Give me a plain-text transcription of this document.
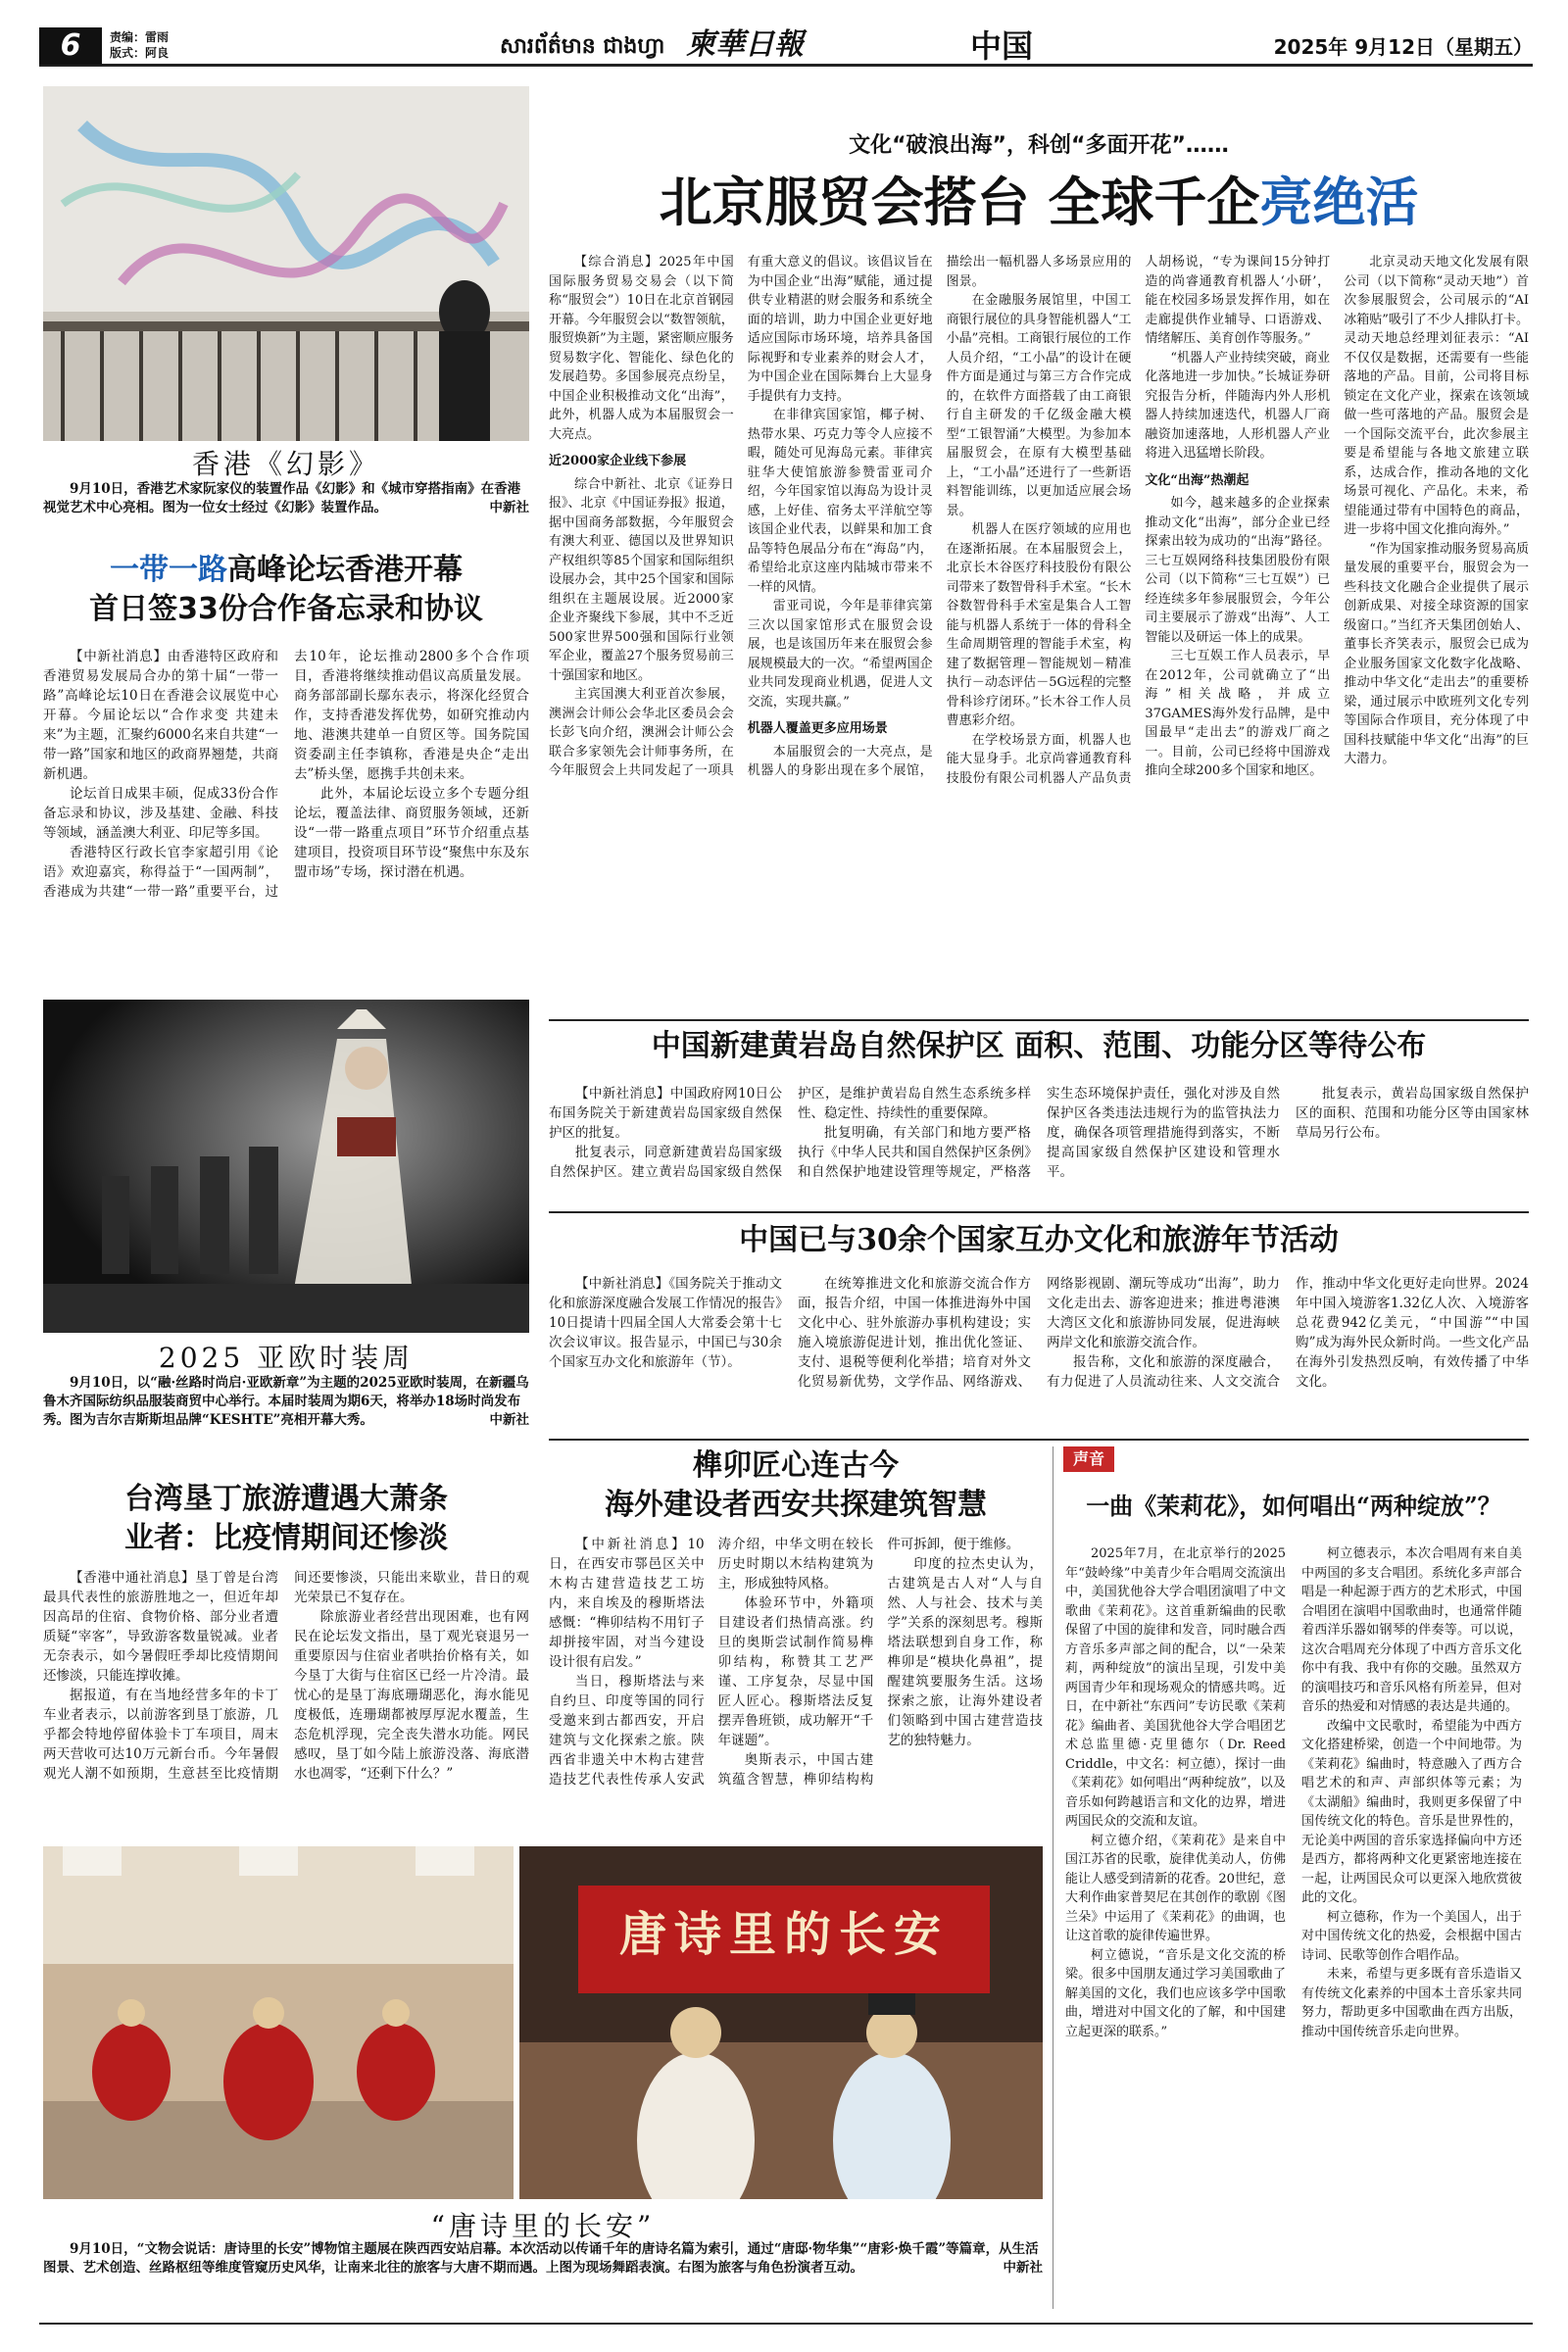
6	责编：雷雨
版式：阿良	សារព័ត៌មាន ជាងហ្វា 柬華日報	中国	2025年 9月12日（星期五）
香港《幻影》
9月10日，香港艺术家阮家仪的装置作品《幻影》和《城市穿搭指南》在香港视觉艺术中心亮相。图为一位女士经过《幻影》装置作品。	中新社
一带一路高峰论坛香港开幕
首日签33份合作备忘录和协议

【中新社消息】由香港特区政府和香港贸易发展局合办的第十届“一带一路”高峰论坛10日在香港会议展览中心开幕。今届论坛以“合作求变 共建未来”为主题，汇聚约6000名来自共建“一带一路”国家和地区的政商界翘楚，共商新机遇。

论坛首日成果丰硕，促成33份合作备忘录和协议，涉及基建、金融、科技等领域，涵盖澳大利亚、印尼等多国。

香港特区行政长官李家超引用《论语》欢迎嘉宾，称得益于“一国两制”，香港成为共建“一带一路”重要平台，过去10年，论坛推动2800多个合作项目，香港将继续推动倡议高质量发展。商务部部副长鄢东表示，将深化经贸合作，支持香港发挥优势，如研究推动内地、港澳共建单一自贸区等。国务院国资委副主任李镇称，香港是央企“走出去”桥头堡，愿携手共创未来。

此外，本届论坛设立多个专题分组论坛，覆盖法律、商贸服务领域，还新设“一带一路重点项目”环节介绍重点基建项目，投资项目环节设“聚焦中东及东盟市场”专场，探讨潜在机遇。

2025 亚欧时装周
9月10日，以“融·丝路时尚启·亚欧新章”为主题的2025亚欧时装周，在新疆乌鲁木齐国际纺织品服装商贸中心举行。本届时装周为期6天，将举办18场时尚发布秀。图为吉尔吉斯斯坦品牌“KESHTE”亮相开幕大秀。	中新社
台湾垦丁旅游遭遇大萧条
业者：比疫情期间还惨淡

【香港中通社消息】垦丁曾是台湾最具代表性的旅游胜地之一，但近年却因高昂的住宿、食物价格、部分业者遭质疑“宰客”，导致游客数量锐减。业者无奈表示，如今暑假旺季却比疫情期间还惨淡，只能连撑收摊。

据报道，有在当地经营多年的卡丁车业者表示，以前游客到垦丁旅游，几乎都会特地停留体验卡丁车项目，周末两天营收可达10万元新台币。今年暑假观光人潮不如预期，生意甚至比疫情期间还要惨淡，只能出来歇业，昔日的观光荣景已不复存在。

除旅游业者经营出现困难，也有网民在论坛发文指出，垦丁观光衰退另一重要原因与住宿业者哄抬价格有关，如今垦丁大街与住宿区已经一片冷清。最忧心的是垦丁海底珊瑚恶化，海水能见度极低，连珊瑚都被厚厚泥水覆盖，生态危机浮现，完全丧失潜水功能。网民感叹，垦丁如今陆上旅游没落、海底潜水也凋零，“还剩下什么？”

文化“破浪出海”，科创“多面开花”……
北京服贸会搭台 全球千企亮绝活

【综合消息】2025年中国国际服务贸易交易会（以下简称“服贸会”）10日在北京首钢园开幕。今年服贸会以“数智领航，服贸焕新”为主题，紧密顺应服务贸易数字化、智能化、绿色化的发展趋势。多国参展亮点纷呈，中国企业积极推动文化“出海”，此外，机器人成为本届服贸会一大亮点。

近2000家企业线下参展

综合中新社、北京《证券日报》、北京《中国证券报》报道，据中国商务部数据，今年服贸会有澳大利亚、德国以及世界知识产权组织等85个国家和国际组织设展办会，其中25个国家和国际组织在主题展设展。近2000家企业齐聚线下参展，其中不乏近500家世界500强和国际行业领军企业，覆盖27个服务贸易前三十强国家和地区。

主宾国澳大利亚首次参展，澳洲会计师公会华北区委员会会长彭飞向介绍，澳洲会计师公会联合多家领先会计师事务所，在今年服贸会上共同发起了一项具有重大意义的倡议。该倡议旨在为中国企业“出海”赋能，通过提供专业精湛的财会服务和系统全面的培训，助力中国企业更好地适应国际市场环境，培养具备国际视野和专业素养的财会人才，为中国企业在国际舞台上大显身手提供有力支持。

在非律宾国家馆，椰子树、热带水果、巧克力等令人应接不暇，随处可见海岛元素。菲律宾驻华大使馆旅游参赞雷亚司介绍，今年国家馆以海岛为设计灵感，上好佳、宿务太平洋航空等该国企业代表，以鲜果和加工食品等特色展品分布在“海岛”内，希望给北京这座内陆城市带来不一样的风情。

雷亚司说，今年是菲律宾第三次以国家馆形式在服贸会设展，也是该国历年来在服贸会参展规模最大的一次。“希望两国企业共同发现商业机遇，促进人文交流，实现共赢。”

机器人覆盖更多应用场景

本届服贸会的一大亮点，是机器人的身影出现在多个展馆，描绘出一幅机器人多场景应用的图景。

在金融服务展馆里，中国工商银行展位的具身智能机器人“工小晶”亮相。工商银行展位的工作人员介绍，“工小晶”的设计在硬件方面是通过与第三方合作完成的，在软件方面搭载了由工商银行自主研发的千亿级金融大模型“工银智涌”大模型。为参加本届服贸会，在原有大模型基础上，“工小晶”还进行了一些新语料智能训练，以更加适应展会场景。

机器人在医疗领域的应用也在逐渐拓展。在本届服贸会上，北京长木谷医疗科技股份有限公司带来了数智骨科手术室。“长木谷数智骨科手术室是集合人工智能与机器人系统于一体的骨科全生命周期管理的智能手术室，构建了数据管理－智能规划－精准执行－动态评估－5G远程的完整骨科诊疗闭环。”长木谷工作人员曹惠彩介绍。

在学校场景方面，机器人也能大显身手。北京尚睿通教育科技股份有限公司机器人产品负责人胡杨说，“专为课间15分钟打造的尚睿通教育机器人‘小研’，能在校园多场景发挥作用，如在走廊提供作业辅导、口语游戏、情绪解压、美育创作等服务。”

“机器人产业持续突破，商业化落地进一步加快。”长城证券研究报告分析，伴随海内外人形机器人持续加速迭代，机器人厂商融资加速落地，人形机器人产业将进入迅猛增长阶段。

文化“出海”热潮起

如今，越来越多的企业探索推动文化“出海”，部分企业已经探索出较为成功的“出海”路径。三七互娱网络科技集团股份有限公司（以下简称“三七互娱”）已经连续多年参展服贸会，今年公司主要展示了游戏“出海”、人工智能以及研运一体上的成果。

三七互娱工作人员表示，早在2012年，公司就确立了“出海”相关战略，并成立37GAMES海外发行品牌，是中国最早“走出去”的游戏厂商之一。目前，公司已经将中国游戏推向全球200多个国家和地区。

北京灵动天地文化发展有限公司（以下简称“灵动天地”）首次参展服贸会，公司展示的“AI冰箱贴”吸引了不少人排队打卡。灵动天地总经理刘征表示：“AI不仅仅是数据，还需要有一些能落地的产品。目前，公司将目标锁定在文化产业，探索在该领域做一些可落地的产品。服贸会是一个国际交流平台，此次参展主要是希望能与各地文旅建立联系，达成合作，推动各地的文化场景可视化、产品化。未来，希望能通过带有中国特色的商品，进一步将中国文化推向海外。”

“作为国家推动服务贸易高质量发展的重要平台，服贸会为一些科技文化融合企业提供了展示创新成果、对接全球资源的国家级窗口。”当红齐天集团创始人、董事长齐笑表示，服贸会已成为企业服务国家文化数字化战略、推动中华文化“走出去”的重要桥梁，通过展示中欧班列文化专列等国际合作项目，充分体现了中国科技赋能中华文化“出海”的巨大潜力。

中国新建黄岩岛自然保护区 面积、范围、功能分区等待公布

【中新社消息】中国政府网10日公布国务院关于新建黄岩岛国家级自然保护区的批复。

批复表示，同意新建黄岩岛国家级自然保护区。建立黄岩岛国家级自然保护区，是维护黄岩岛自然生态系统多样性、稳定性、持续性的重要保障。

批复明确，有关部门和地方要严格执行《中华人民共和国自然保护区条例》和自然保护地建设管理等规定，严格落实生态环境保护责任，强化对涉及自然保护区各类违法违规行为的监管执法力度，确保各项管理措施得到落实，不断提高国家级自然保护区建设和管理水平。

批复表示，黄岩岛国家级自然保护区的面积、范围和功能分区等由国家林草局另行公布。

中国已与30余个国家互办文化和旅游年节活动

【中新社消息】《国务院关于推动文化和旅游深度融合发展工作情况的报告》10日提请十四届全国人大常委会第十七次会议审议。报告显示，中国已与30余个国家互办文化和旅游年（节）。

在统筹推进文化和旅游交流合作方面，报告介绍，中国一体推进海外中国文化中心、驻外旅游办事机构建设；实施入境旅游促进计划，推出优化签证、支付、退税等便利化举措；培育对外文化贸易新优势，文学作品、网络游戏、网络影视剧、潮玩等成功“出海”，助力文化走出去、游客迎进来；推进粤港澳大湾区文化和旅游协同发展，促进海峡两岸文化和旅游交流合作。

报告称，文化和旅游的深度融合，有力促进了人员流动往来、人文交流合作，推动中华文化更好走向世界。2024年中国入境游客1.32亿人次、入境游客总花费942亿美元，“中国游”“中国购”成为海外民众新时尚。一些文化产品在海外引发热烈反响，有效传播了中华文化。

榫卯匠心连古今
海外建设者西安共探建筑智慧

【中新社消息】10日，在西安市鄠邑区关中木构古建营造技艺工坊内，来自埃及的穆斯塔法感慨：“榫卯结构不用钉子却拼接牢固，对当今建设设计很有启发。”

当日，穆斯塔法与来自约旦、印度等国的同行受邀来到古都西安，开启建筑与文化探索之旅。陕西省非遗关中木构古建营造技艺代表性传承人安武涛介绍，中华文明在较长历史时期以木结构建筑为主，形成独特风格。

体验环节中，外籍项目建设者们热情高涨。约旦的奥斯尝试制作简易榫卯结构，称赞其工艺严谨、工序复杂，尽显中国匠人匠心。穆斯塔法反复摆弄鲁班锁，成功解开“千年谜题”。

奥斯表示，中国古建筑蕴含智慧，榫卯结构构件可拆卸，便于维修。

印度的拉杰史认为，古建筑是古人对“人与自然、人与社会、技术与美学”关系的深刻思考。穆斯塔法联想到自身工作，称榫卯是“模块化鼻祖”，提醒建筑要服务生活。这场探索之旅，让海外建设者们领略到中国古建营造技艺的独特魅力。

声音
一曲《茉莉花》，如何唱出“两种绽放”？

2025年7月，在北京举行的2025年“鼓岭缘”中美青少年合唱周交流演出中，美国犹他谷大学合唱团演唱了中文歌曲《茉莉花》。这首重新编曲的民歌保留了中国的旋律和发音，同时融合西方音乐多声部之间的配合，以“一朵茉莉，两种绽放”的演出呈现，引发中美两国青少年和现场观众的情感共鸣。近日，在中新社“东西问”专访民歌《茉莉花》编曲者、美国犹他谷大学合唱团艺术总监里德·克里德尔（Dr. Reed Criddle，中文名：柯立德），探讨一曲《茉莉花》如何唱出“两种绽放”，以及音乐如何跨越语言和文化的边界，增进两国民众的交流和友谊。

柯立德介绍，《茉莉花》是来自中国江苏省的民歌，旋律优美动人，仿佛能让人感受到清新的花香。20世纪，意大利作曲家普契尼在其创作的歌剧《图兰朵》中运用了《茉莉花》的曲调，也让这首歌的旋律传遍世界。

柯立德说，“音乐是文化交流的桥梁。很多中国朋友通过学习美国歌曲了解美国的文化，我们也应该多学中国歌曲，增进对中国文化的了解，和中国建立起更深的联系。”

柯立德表示，本次合唱周有来自美中两国的多支合唱团。系统化多声部合唱是一种起源于西方的艺术形式，中国合唱团在演唱中国歌曲时，也通常伴随着西洋乐器如钢琴的伴奏等。可以说，这次合唱周充分体现了中西方音乐文化你中有我、我中有你的交融。虽然双方的演唱技巧和音乐风格有所差异，但对音乐的热爱和对情感的表达是共通的。

改编中文民歌时，希望能为中西方文化搭建桥梁，创造一个中间地带。为《茉莉花》编曲时，特意融入了西方合唱艺术的和声、声部织体等元素；为《太湖船》编曲时，我则更多保留了中国传统文化的特色。音乐是世界性的，无论美中两国的音乐家选择偏向中方还是西方，都将两种文化更紧密地连接在一起，让两国民众可以更深入地欣赏彼此的文化。

柯立德称，作为一个美国人，出于对中国传统文化的热爱，会根据中国古诗词、民歌等创作合唱作品。

未来，希望与更多既有音乐造诣又有传统文化素养的中国本土音乐家共同努力，帮助更多中国歌曲在西方出版，推动中国传统音乐走向世界。

唐诗里的长安
“唐诗里的长安”
9月10日，“文物会说话：唐诗里的长安”博物馆主题展在陕西西安站启幕。本次活动以传诵千年的唐诗名篇为索引，通过“唐邸·物华集”“唐彩·焕千霞”等篇章，从生活图景、艺术创造、丝路枢纽等维度管窥历史风华，让南来北往的旅客与大唐不期而遇。上图为现场舞蹈表演。右图为旅客与角色扮演者互动。	中新社
